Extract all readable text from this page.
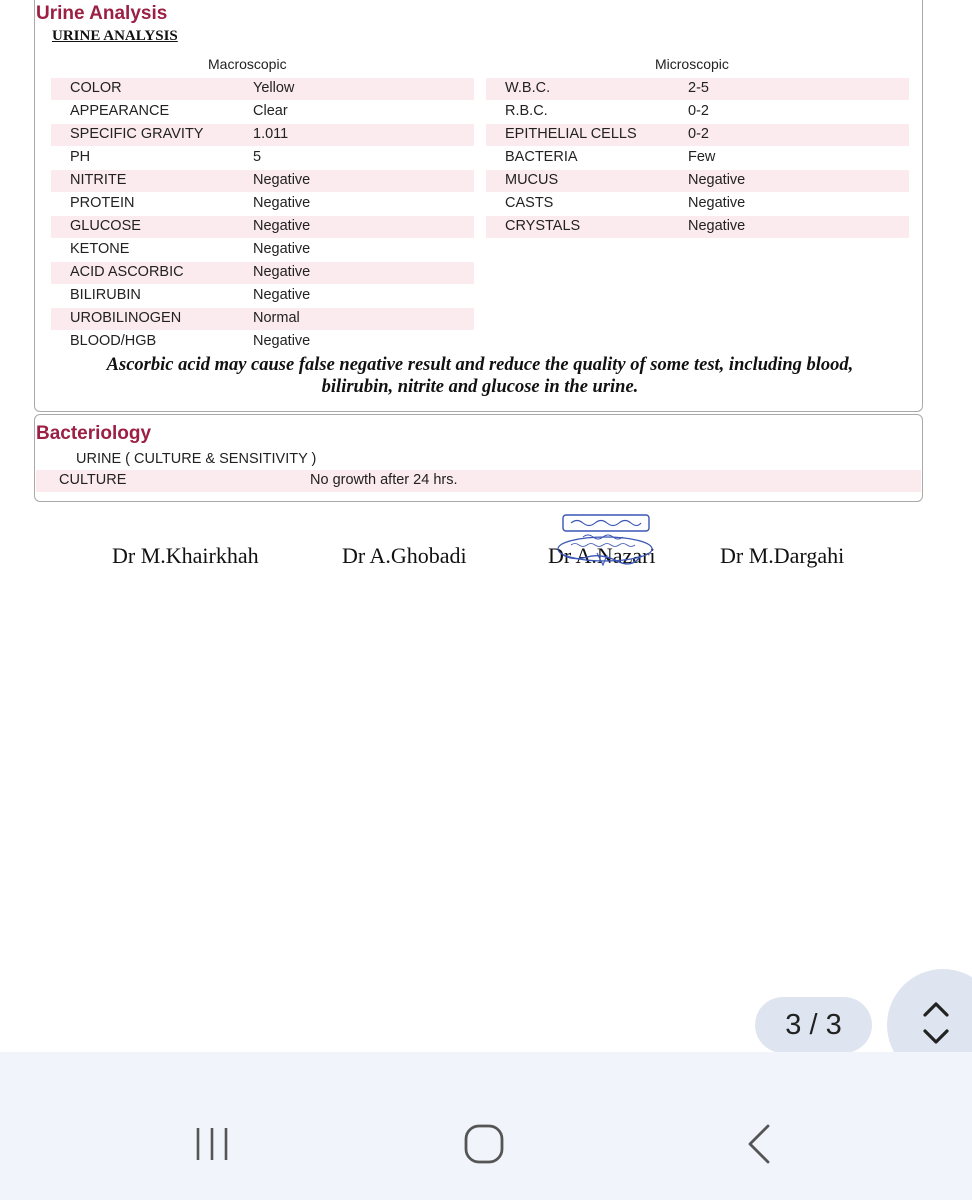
Urine Analysis
URINE ANALYSIS
Macroscopic	Microscopic
COLOR	Yellow
APPEARANCE	Clear
SPECIFIC GRAVITY	1.011
PH	5
NITRITE	Negative
PROTEIN	Negative
GLUCOSE	Negative
KETONE	Negative
ACID ASCORBIC	Negative
BILIRUBIN	Negative
UROBILINOGEN	Normal
BLOOD/HGB	Negative
W.B.C.	2-5
R.B.C.	0-2
EPITHELIAL CELLS	0-2
BACTERIA	Few
MUCUS	Negative
CASTS	Negative
CRYSTALS	Negative
Ascorbic acid may cause false negative result and reduce the quality of some test, including blood,
bilirubin, nitrite and glucose in the urine.
Bacteriology
URINE ( CULTURE & SENSITIVITY )
CULTURE	No growth after 24 hrs.
Dr M.Khairkhah	Dr A.Ghobadi	Dr A.Nazari	Dr M.Dargahi
3 / 3
